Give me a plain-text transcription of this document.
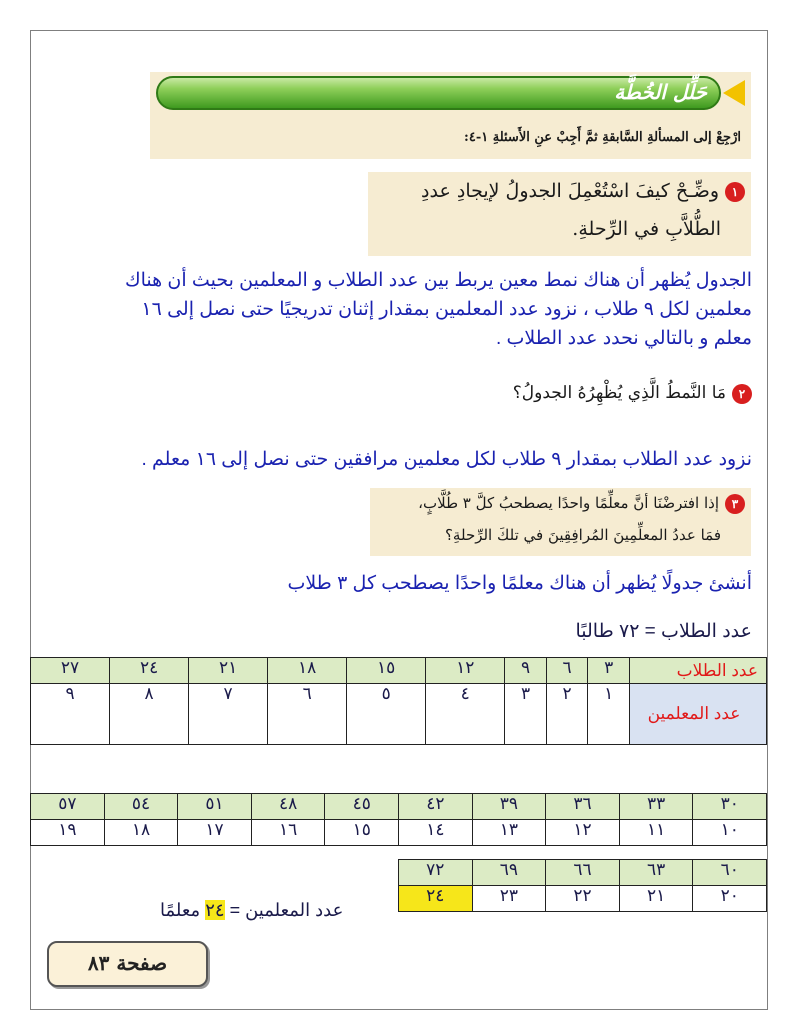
حَلِّل الخُطَّة
ارْجِعْ إلى المسألةِ السَّابقةِ ثمَّ أَجِبْ عنِ الأَسئلةِ ١-٤:
١وضِّـحْ كيفَ اسْتُعْمِلَ الجدولُ لإيجادِ عددِ
الطُّلاَّبِ في الرِّحلةِ.
الجدول يُظهر أن هناك نمط معين يربط بين عدد الطلاب و المعلمين بحيث أن هناك
معلمين لكل ٩ طلاب ، نزود عدد المعلمين بمقدار إثنان تدريجيًا حتى نصل إلى ١٦
معلم و بالتالي نحدد عدد الطلاب .
٢مَا النَّمطُ الَّذِي يُظْهِرُهُ الجدولُ؟
نزود عدد الطلاب بمقدار ٩ طلاب لكل معلمين مرافقين حتى نصل إلى ١٦ معلم .
٣إذا افترضْنَا أنَّ معلِّمًا واحدًا يصطحبُ كلَّ ٣ طُلَّابٍ،
فمَا عددُ المعلِّمِينَ المُرافِقِينَ في تلكَ الرِّحلةِ؟
أنشئ جدولًا يُظهر أن هناك معلمًا واحدًا يصطحب كل ٣ طلاب
عدد الطلاب = ٧٢ طالبًا
عدد الطلاب	٣	٦	٩	١٢	١٥	١٨	٢١	٢٤	٢٧
عدد المعلمين	١	٢	٣	٤	٥	٦	٧	٨	٩
٣٠	٣٣	٣٦	٣٩	٤٢	٤٥	٤٨	٥١	٥٤	٥٧
١٠	١١	١٢	١٣	١٤	١٥	١٦	١٧	١٨	١٩
٦٠	٦٣	٦٦	٦٩	٧٢
٢٠	٢١	٢٢	٢٣	٢٤
عدد المعلمين = ٢٤ معلمًا
صفحة ٨٣
